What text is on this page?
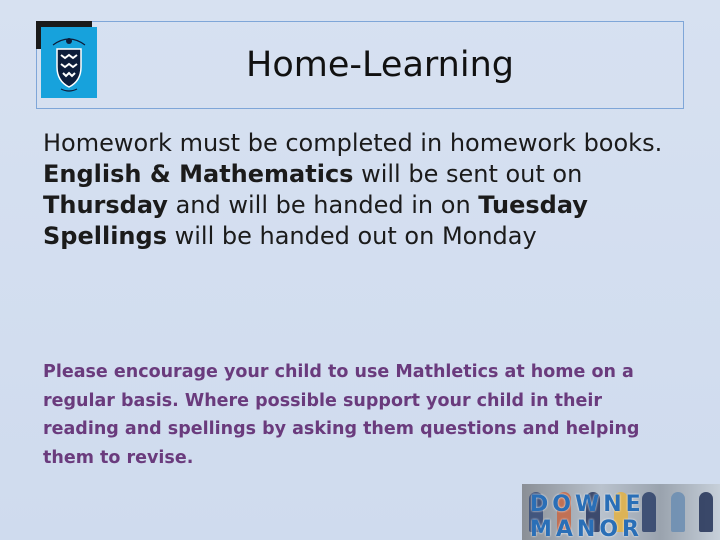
Home-Learning

Homework must be completed in homework books.

English & Mathematics will be sent out on Thursday and will be handed in on Tuesday

Spellings will be handed out on Monday

Please encourage your child to use Mathletics at home on a regular basis. Where possible support your child in their reading and spellings by asking them questions and helping them to revise.
DOWNE MANOR
